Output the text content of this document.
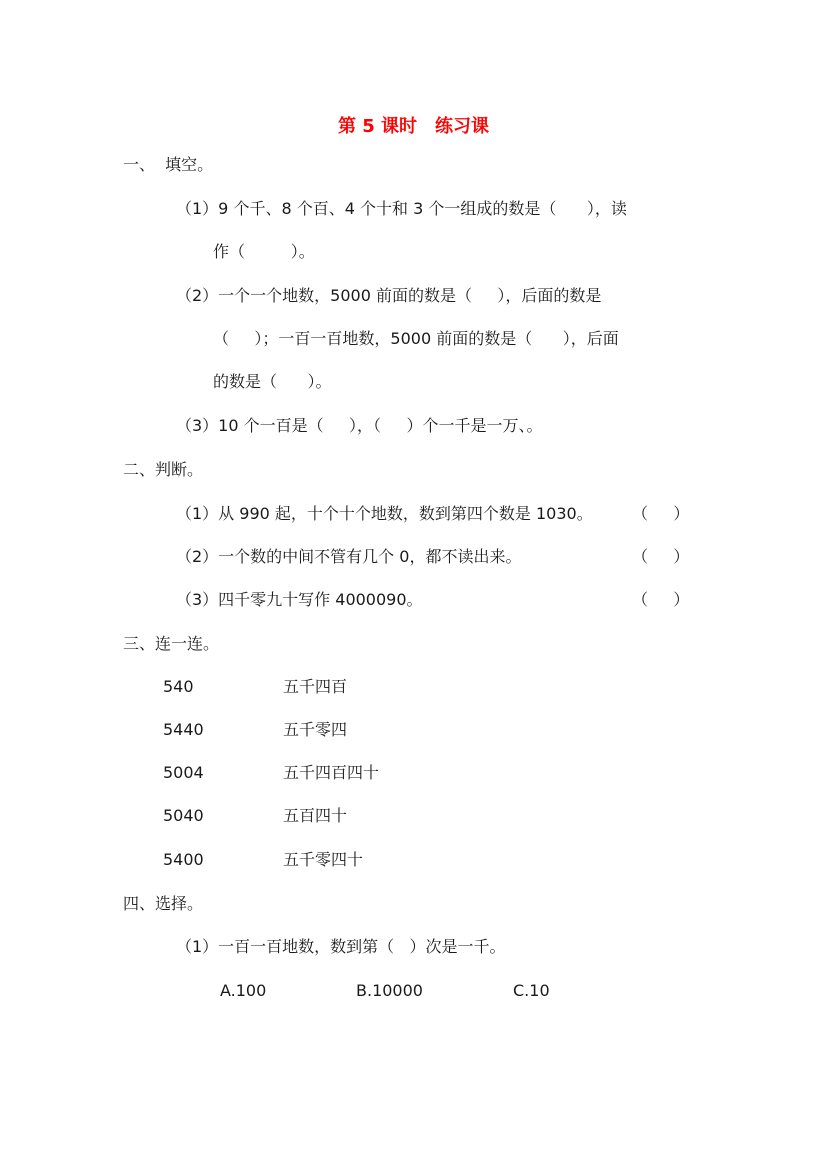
第 5 课时　练习课
一、  填空。
（1）9 个千、8 个百、4 个十和 3 个一组成的数是（      ），读
作（         ）。
（2）一个一个地数，5000 前面的数是（     ），后面的数是
（     ）；一百一百地数，5000 前面的数是（      ），后面
的数是（      ）。
（3）10 个一百是（     ），（     ）个一千是一万、。
二、判断。
（1）从 990 起，十个十个地数，数到第四个数是 1030。 （     ）
（2）一个数的中间不管有几个 0，都不读出来。	（     ）
（3）四千零九十写作 4000090。	（     ）
三、连一连。
540	五千四百
5440	五千零四
5004	五千四百四十
5040	五百四十
5400	五千零四十
四、选择。
（1）一百一百地数，数到第（   ）次是一千。
A.100	B.10000	C.10
